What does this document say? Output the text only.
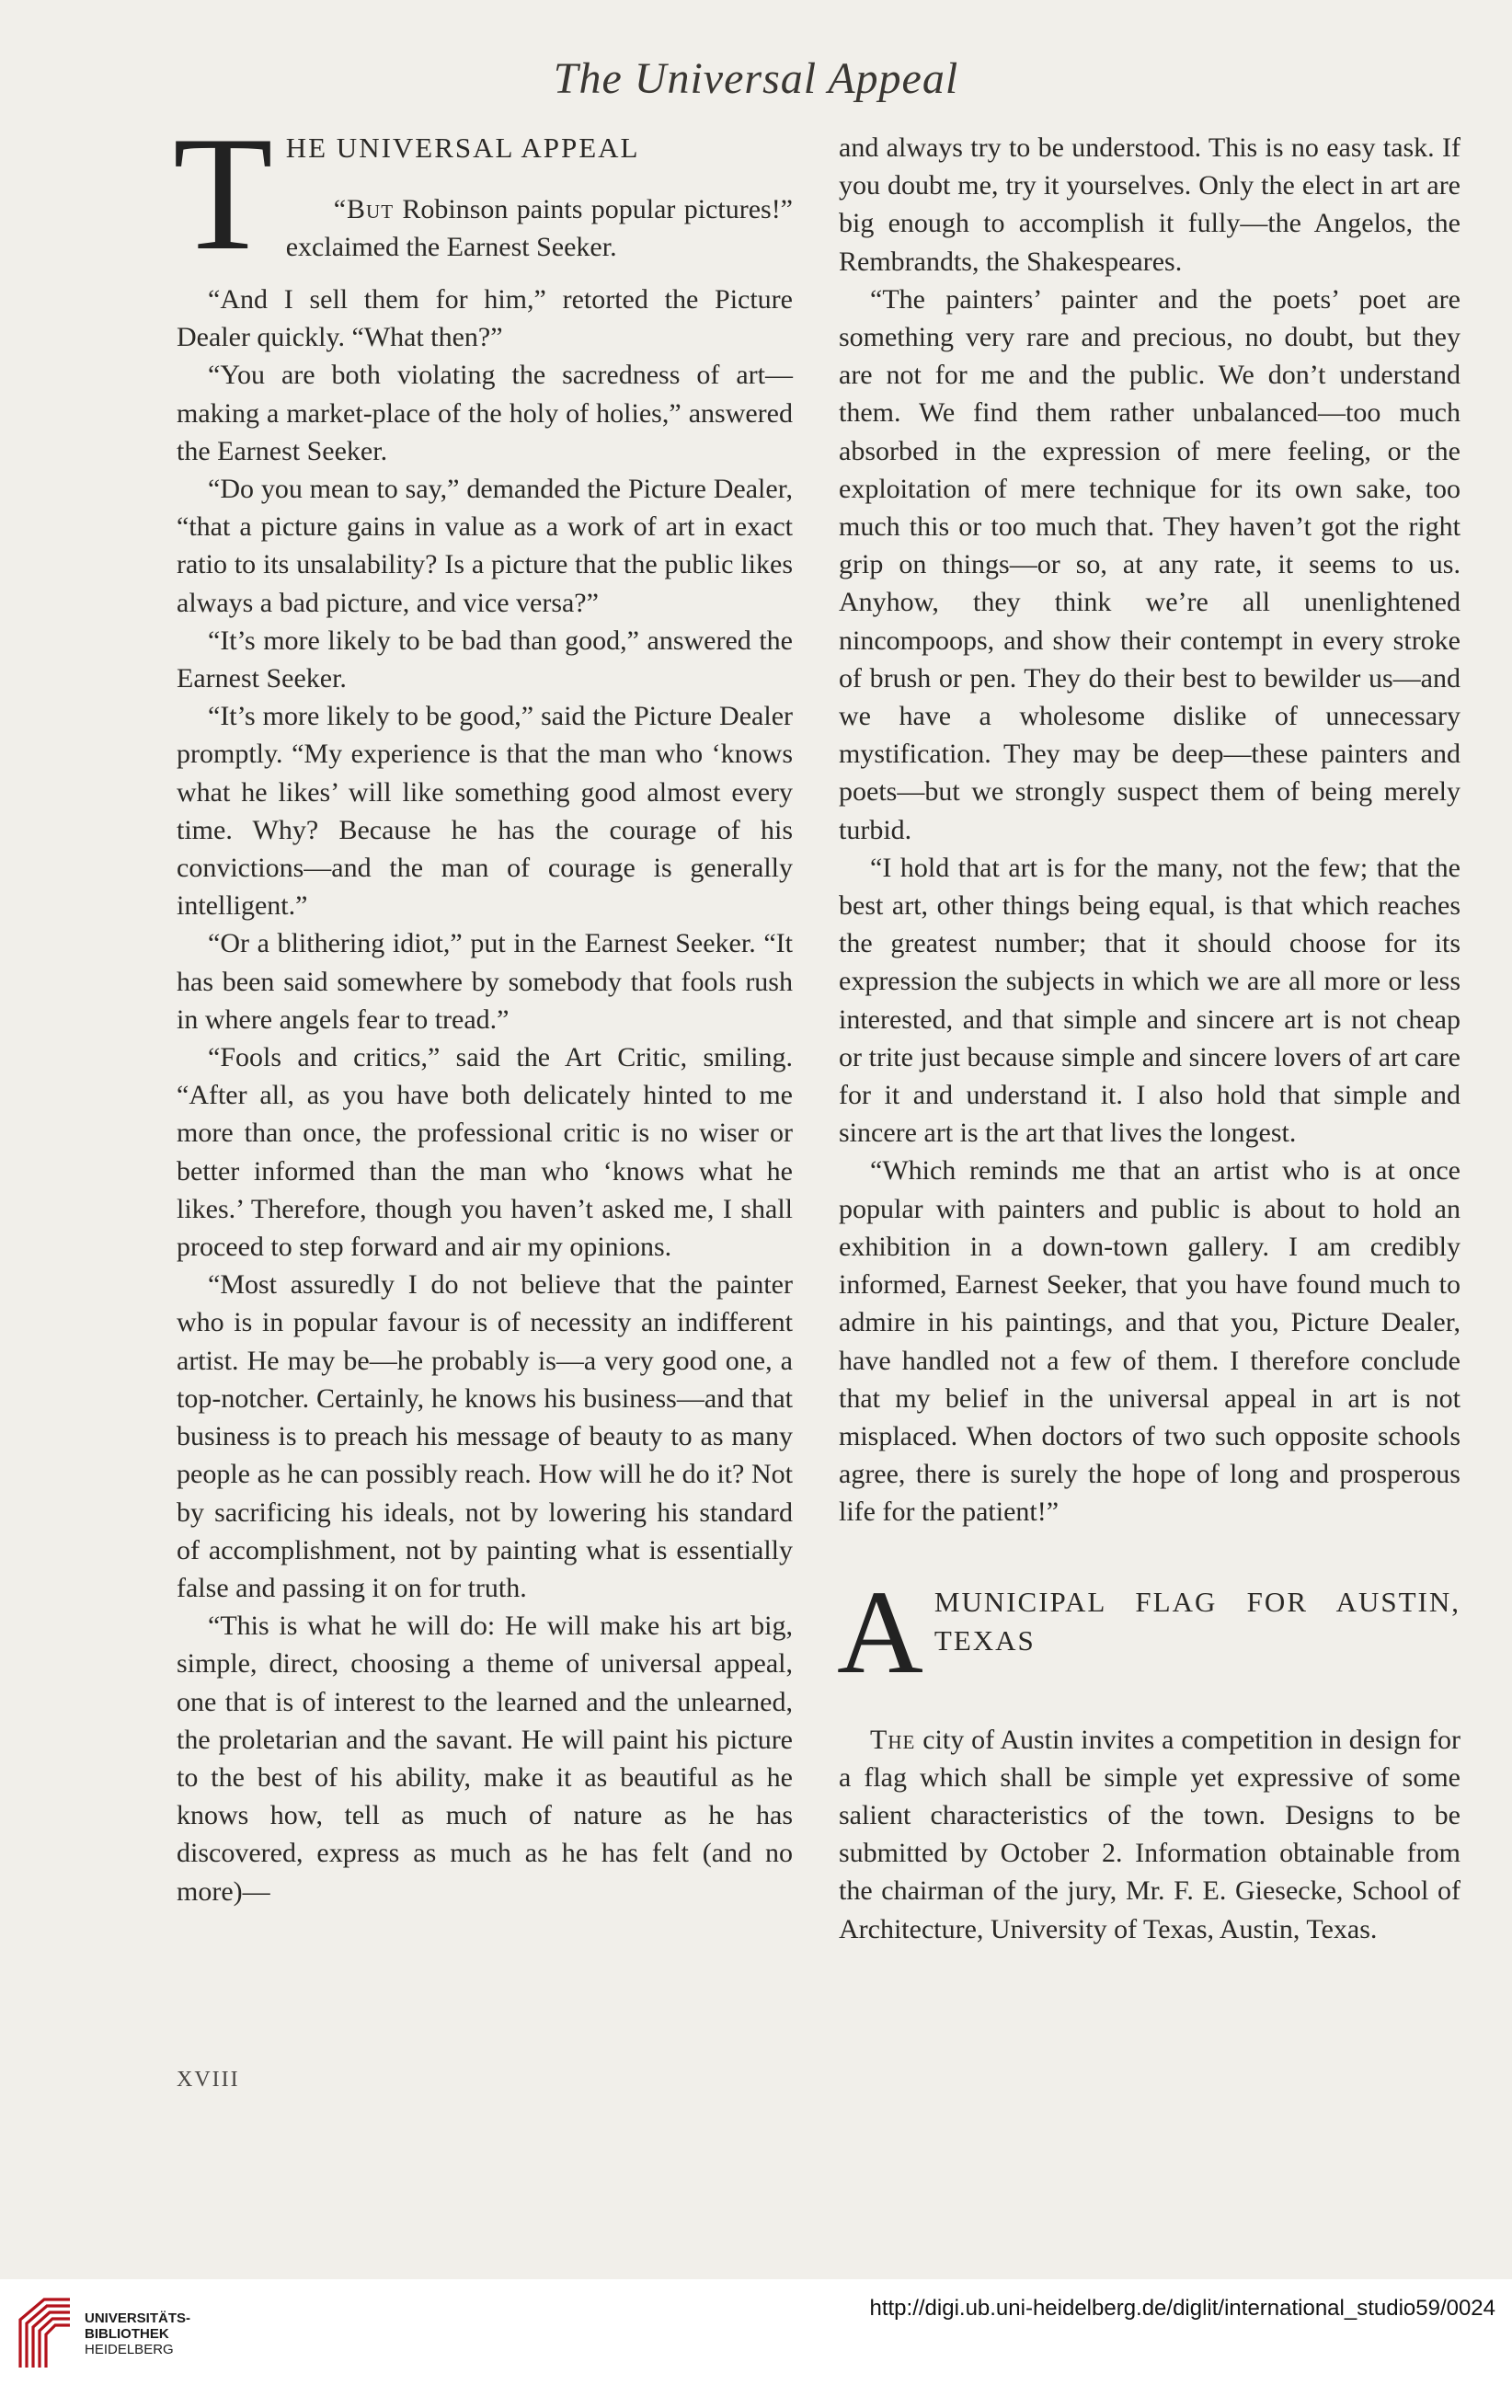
The Universal Appeal
T HE UNIVERSAL APPEAL

“But Robinson paints popular pictures!” exclaimed the Earnest Seeker.

“And I sell them for him,” retorted the Picture Dealer quickly. “What then?”

“You are both violating the sacredness of art—making a market-place of the holy of holies,” answered the Earnest Seeker.

“Do you mean to say,” demanded the Picture Dealer, “that a picture gains in value as a work of art in exact ratio to its unsalability? Is a picture that the public likes always a bad picture, and vice versa?”

“It’s more likely to be bad than good,” answered the Earnest Seeker.

“It’s more likely to be good,” said the Picture Dealer promptly. “My experience is that the man who ‘knows what he likes’ will like something good almost every time. Why? Because he has the courage of his convictions—and the man of courage is generally intelligent.”

“Or a blithering idiot,” put in the Earnest Seeker. “It has been said somewhere by somebody that fools rush in where angels fear to tread.”

“Fools and critics,” said the Art Critic, smiling. “After all, as you have both delicately hinted to me more than once, the professional critic is no wiser or better informed than the man who ‘knows what he likes.’ Therefore, though you haven’t asked me, I shall proceed to step forward and air my opinions.

“Most assuredly I do not believe that the painter who is in popular favour is of necessity an indifferent artist. He may be—he probably is—a very good one, a top-notcher. Certainly, he knows his business—and that business is to preach his message of beauty to as many people as he can possibly reach. How will he do it? Not by sacrificing his ideals, not by lowering his standard of accomplishment, not by painting what is essentially false and passing it on for truth.

“This is what he will do: He will make his art big, simple, direct, choosing a theme of universal appeal, one that is of interest to the learned and the unlearned, the proletarian and the savant. He will paint his picture to the best of his ability, make it as beautiful as he knows how, tell as much of nature as he has discovered, express as much as he has felt (and no more)—

and always try to be understood. This is no easy task. If you doubt me, try it yourselves. Only the elect in art are big enough to accomplish it fully—the Angelos, the Rembrandts, the Shakespeares.

“The painters’ painter and the poets’ poet are something very rare and precious, no doubt, but they are not for me and the public. We don’t understand them. We find them rather unbalanced—too much absorbed in the expression of mere feeling, or the exploitation of mere technique for its own sake, too much this or too much that. They haven’t got the right grip on things—or so, at any rate, it seems to us. Anyhow, they think we’re all unenlightened nincompoops, and show their contempt in every stroke of brush or pen. They do their best to bewilder us—and we have a wholesome dislike of unnecessary mystification. They may be deep—these painters and poets—but we strongly suspect them of being merely turbid.

“I hold that art is for the many, not the few; that the best art, other things being equal, is that which reaches the greatest number; that it should choose for its expression the subjects in which we are all more or less interested, and that simple and sincere art is not cheap or trite just because simple and sincere lovers of art care for it and understand it. I also hold that simple and sincere art is the art that lives the longest.

“Which reminds me that an artist who is at once popular with painters and public is about to hold an exhibition in a down-town gallery. I am credibly informed, Earnest Seeker, that you have found much to admire in his paintings, and that you, Picture Dealer, have handled not a few of them. I therefore conclude that my belief in the universal appeal in art is not misplaced. When doctors of two such opposite schools agree, there is surely the hope of long and prosperous life for the patient!”

A MUNICIPAL FLAG FOR AUSTIN,
TEXAS

The city of Austin invites a competition in design for a flag which shall be simple yet expressive of some salient characteristics of the town. Designs to be submitted by October 2. Information obtainable from the chairman of the jury, Mr. F. E. Giesecke, School of Architecture, University of Texas, Austin, Texas.

XVIII
UNIVERSITÄTS-
BIBLIOTHEK
HEIDELBERG
http://digi.ub.uni-heidelberg.de/diglit/international_studio59/0024
